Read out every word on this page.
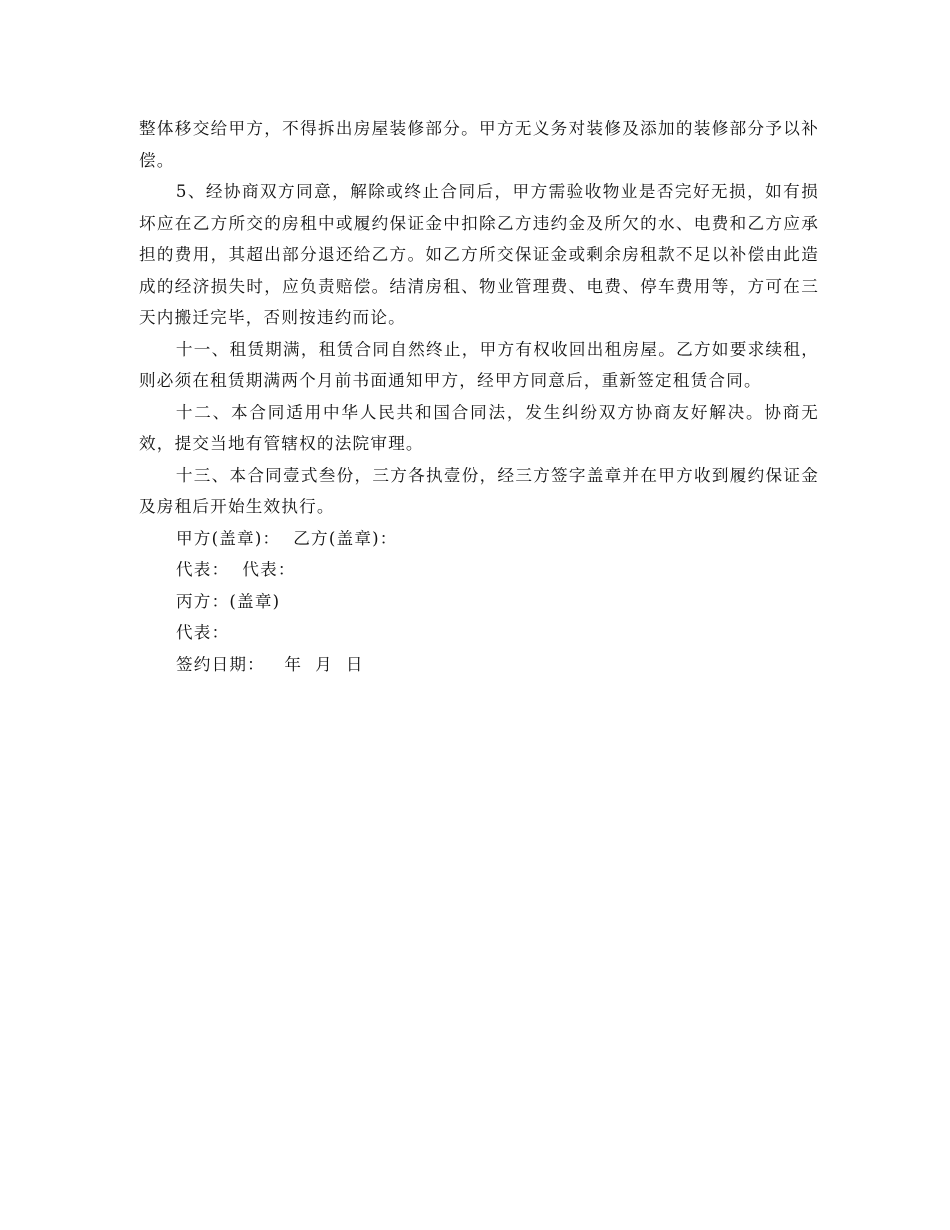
整体移交给甲方，不得拆出房屋装修部分。甲方无义务对装修及添加的装修部分予以补偿。

5、经协商双方同意，解除或终止合同后，甲方需验收物业是否完好无损，如有损坏应在乙方所交的房租中或履约保证金中扣除乙方违约金及所欠的水、电费和乙方应承担的费用，其超出部分退还给乙方。如乙方所交保证金或剩余房租款不足以补偿由此造成的经济损失时，应负责赔偿。结清房租、物业管理费、电费、停车费用等，方可在三天内搬迁完毕，否则按违约而论。

十一、租赁期满，租赁合同自然终止，甲方有权收回出租房屋。乙方如要求续租，则必须在租赁期满两个月前书面通知甲方，经甲方同意后，重新签定租赁合同。

十二、本合同适用中华人民共和国合同法，发生纠纷双方协商友好解决。协商无效，提交当地有管辖权的法院审理。

十三、本合同壹式叁份，三方各执壹份，经三方签字盖章并在甲方收到履约保证金及房租后开始生效执行。

甲方(盖章)：  乙方(盖章)：

代表：  代表：

丙方：(盖章)

代表：

签约日期：   年  月  日
